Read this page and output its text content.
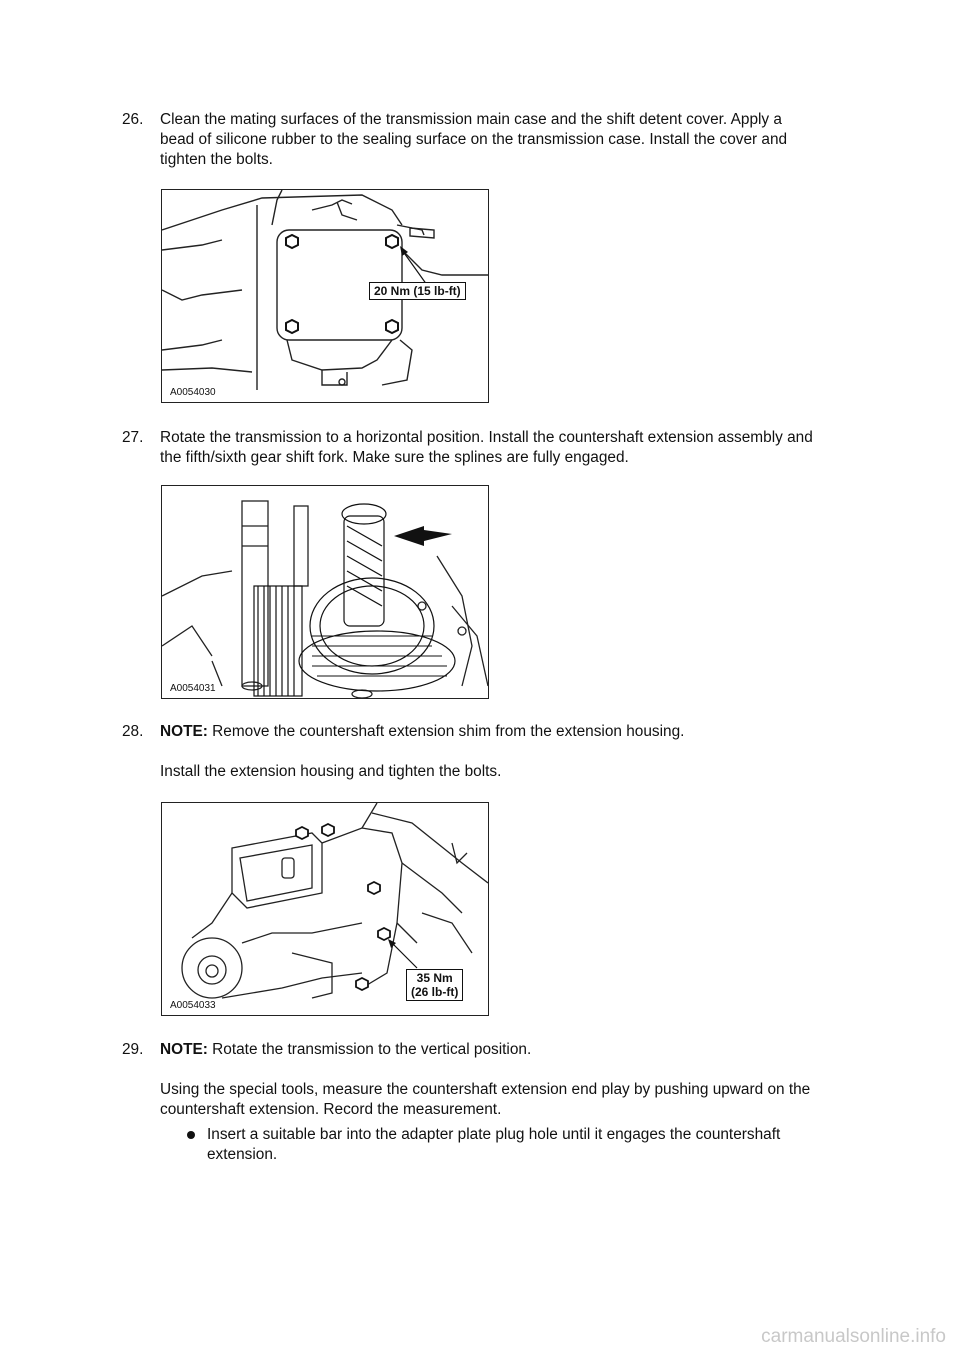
26. Clean the mating surfaces of the transmission main case and the shift detent cover. Apply a
bead of silicone rubber to the sealing surface on the transmission case. Install the cover and
tighten the bolts.
20 Nm (15 lb-ft)
A0054030
27. Rotate the transmission to a horizontal position. Install the countershaft extension assembly and
the fifth/sixth gear shift fork. Make sure the splines are fully engaged.
A0054031
28. NOTE: Remove the countershaft extension shim from the extension housing.
Install the extension housing and tighten the bolts.
35 Nm
(26 lb-ft)
A0054033
29. NOTE: Rotate the transmission to the vertical position.
Using the special tools, measure the countershaft extension end play by pushing upward on the
countershaft extension. Record the measurement.
Insert a suitable bar into the adapter plate plug hole until it engages the countershaft
extension.
carmanualsonline.info
